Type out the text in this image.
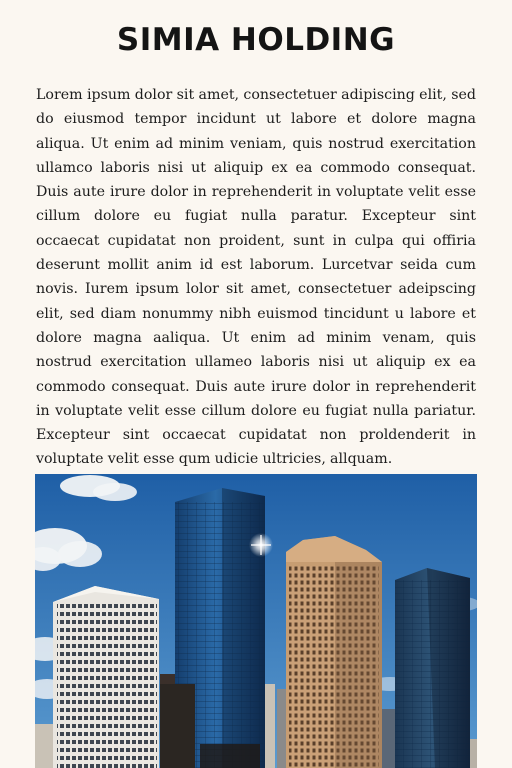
SIMIA HOLDING

Lorem ipsum dolor sit amet, consectetuer adipiscing elit, sed do eiusmod tempor incidunt ut labore et dolore magna aliqua. Ut enim ad minim veniam, quis nostrud exercitation ullamco laboris nisi ut aliquip ex ea commodo consequat. Duis aute irure dolor in reprehenderit in voluptate velit esse cillum dolore eu fugiat nulla paratur. Excepteur sint occaecat cupidatat non proident, sunt in culpa qui offiria deserunt mollit anim id est laborum. Lurcetvar seida cum novis. Iurem ipsum lolor sit amet, consectetuer adeipscing elit, sed diam nonummy nibh euismod tincidunt u labore et dolore magna aaliqua. Ut enim ad minim venam, quis nostrud exercitation ullameo laboris nisi ut aliquip ex ea commodo consequat. Duis aute irure dolor in reprehenderit in voluptate velit esse cillum dolore eu fugiat nulla pariatur. Excepteur sint occaecat cupidatat non proldenderit in voluptate velit esse qum udicie ultricies, allquam.
